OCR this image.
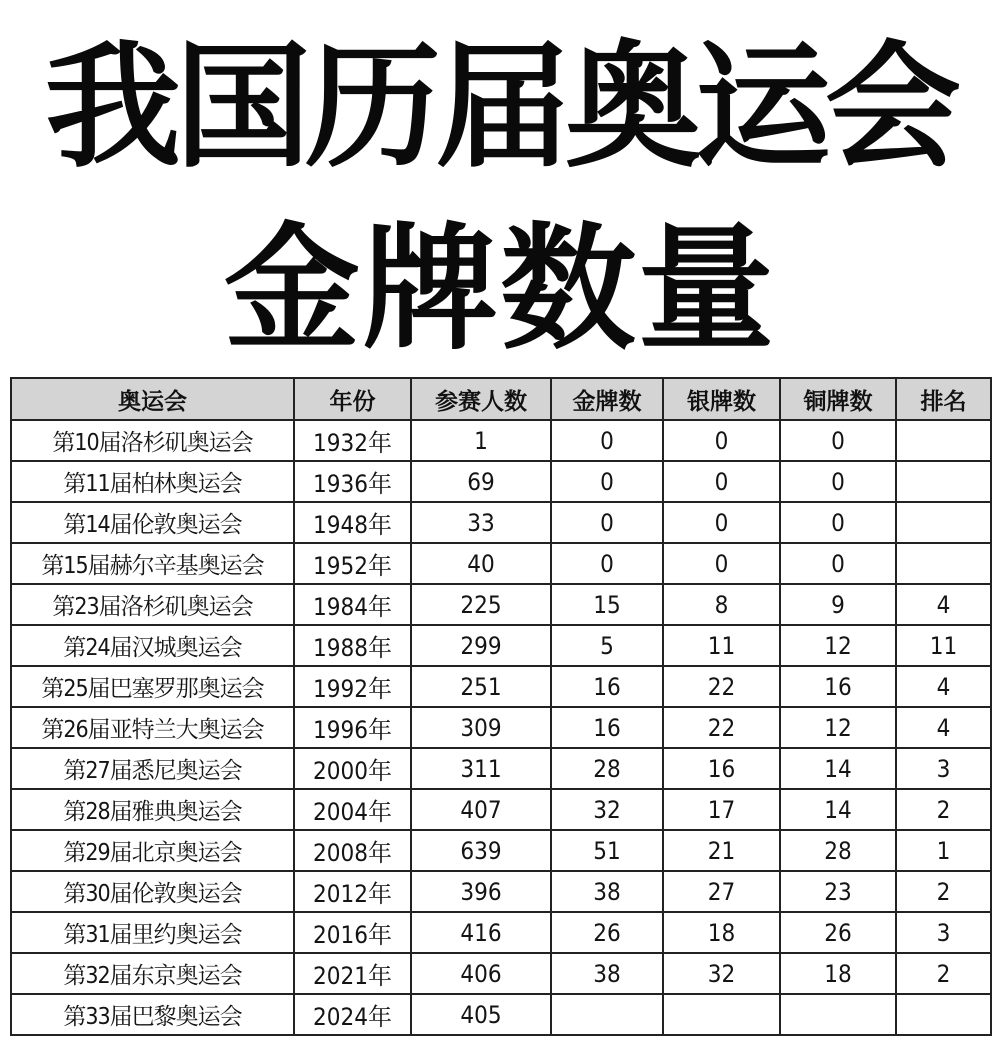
我国历届奥运会
金牌数量
奥运会	年份	参赛人数	金牌数	银牌数	铜牌数	排名
第10届洛杉矶奥运会	1932年	1	0	0	0	
第11届柏林奥运会	1936年	69	0	0	0	
第14届伦敦奥运会	1948年	33	0	0	0	
第15届赫尔辛基奥运会	1952年	40	0	0	0	
第23届洛杉矶奥运会	1984年	225	15	8	9	4
第24届汉城奥运会	1988年	299	5	11	12	11
第25届巴塞罗那奥运会	1992年	251	16	22	16	4
第26届亚特兰大奥运会	1996年	309	16	22	12	4
第27届悉尼奥运会	2000年	311	28	16	14	3
第28届雅典奥运会	2004年	407	32	17	14	2
第29届北京奥运会	2008年	639	51	21	28	1
第30届伦敦奥运会	2012年	396	38	27	23	2
第31届里约奥运会	2016年	416	26	18	26	3
第32届东京奥运会	2021年	406	38	32	18	2
第33届巴黎奥运会	2024年	405				
